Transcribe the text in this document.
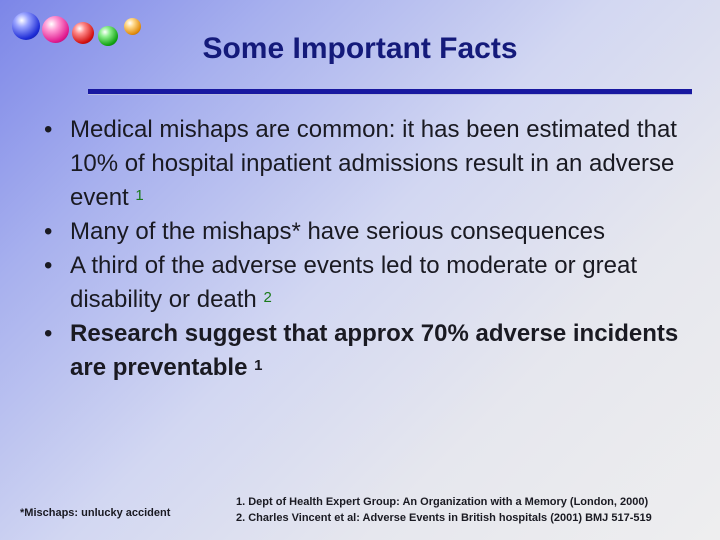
Some Important Facts
• Medical mishaps are common: it has been estimated that 10% of hospital inpatient admissions result in an adverse event $^1$
• Many of the mishaps* have serious consequences
• A third of the adverse events led to moderate or great disability or death $^2$
• Research suggest that approx 70% adverse incidents are preventable $^1$
*Mischaps: unlucky accident
1. Dept of Health Expert Group: An Organization with a Memory (London, 2000)
2. Charles Vincent et al: Adverse Events in British hospitals (2001) BMJ 517-519
